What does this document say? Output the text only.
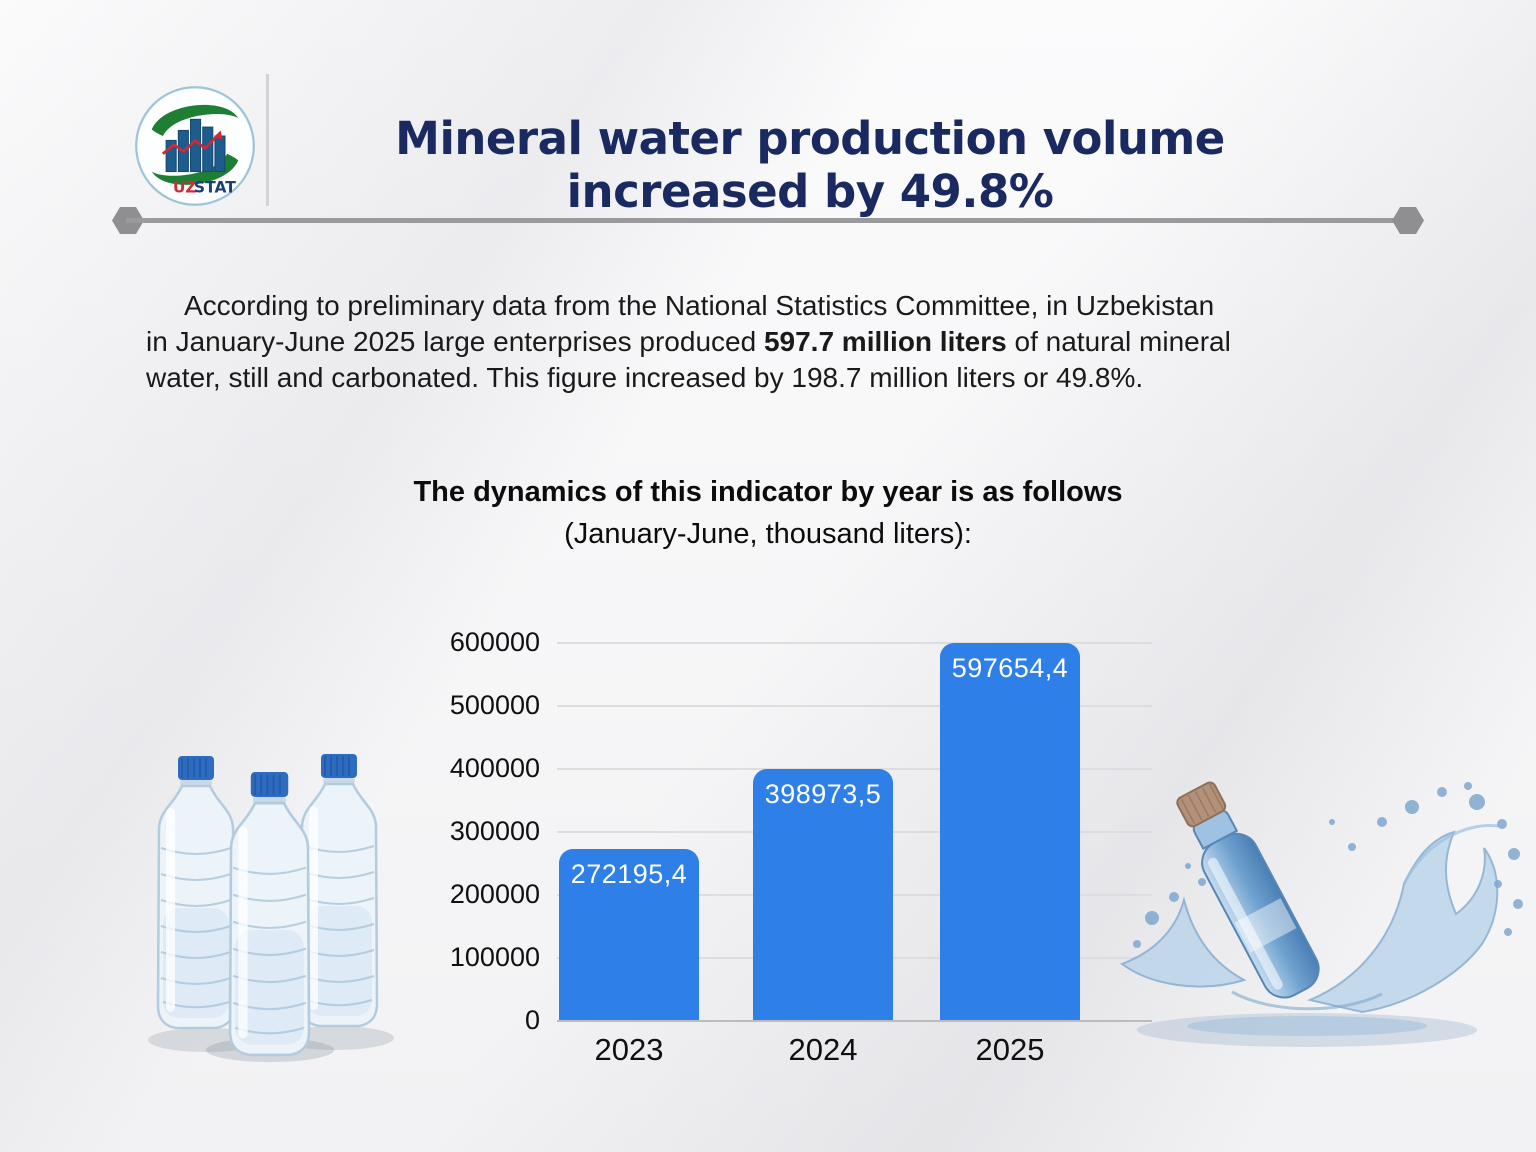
UZ
STAT
Mineral water production volume
increased by 49.8%
According to preliminary data from the National Statistics Committee, in Uzbekistan
in January-June 2025 large enterprises produced 597.7 million liters of natural mineral
water, still and carbonated. This figure increased by 198.7 million liters or 49.8%.
The dynamics of this indicator by year is as follows
(January-June, thousand liters):
0
100000
200000
300000
400000
500000
600000
272195,4
2023
398973,5
2024
597654,4
2025
